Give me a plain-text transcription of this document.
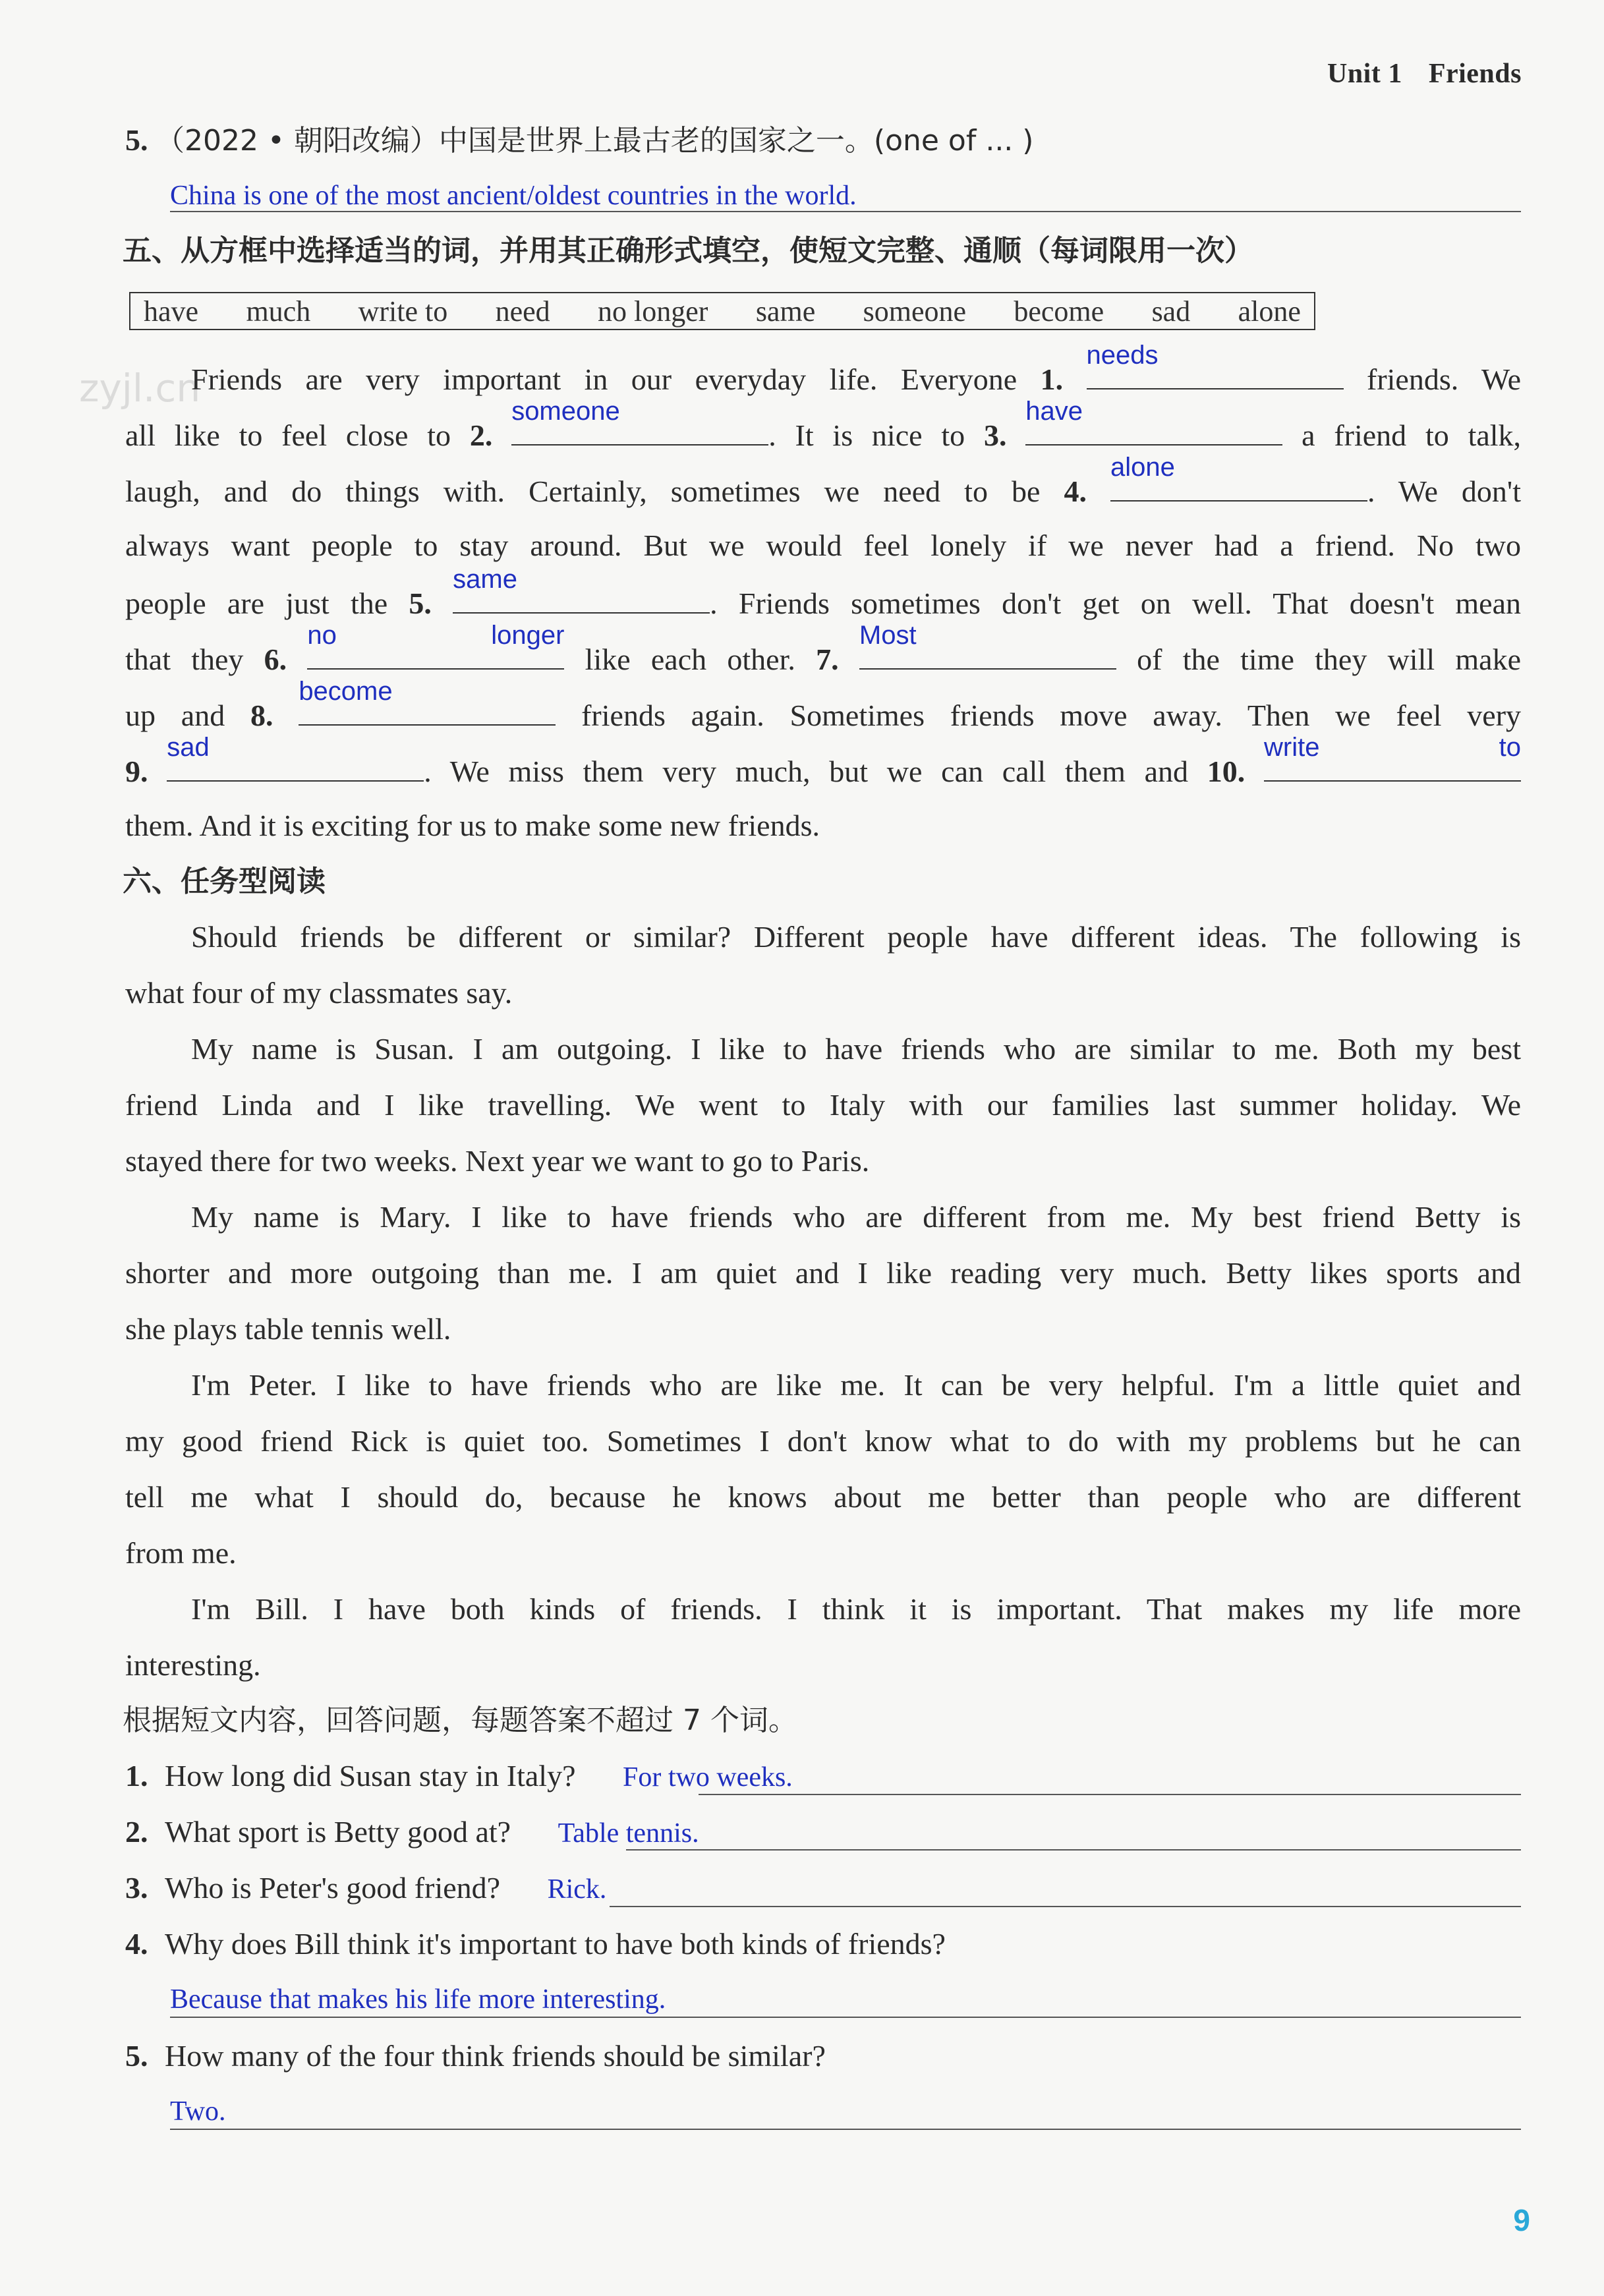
Unit 1 Friends
5. （2022 • 朝阳改编）中国是世界上最古老的国家之一。(one of ... )
China is one of the most ancient/oldest countries in the world.
五、从方框中选择适当的词，并用其正确形式填空，使短文完整、通顺（每词限用一次）
have much write to need no longer same someone become sad alone
zyjl.cn
Friends are very important in our everyday life. Everyone 1.
needs
friends. We
all like to feel close to 2.
someone
. It is nice to 3.
have
a friend to talk,
laugh, and do things with. Certainly, sometimes we need to be 4.
alone
. We don't
always want people to stay around. But we would feel lonely if we never had a friend. No two
people are just the 5.
same
. Friends sometimes don't get on well. That doesn't mean
that they 6.
no longer
like each other. 7.
Most
of the time they will make
up and 8.
become
friends again. Sometimes friends move away. Then we feel very
9.
sad
. We miss them very much, but we can call them and 10.
write to
them. And it is exciting for us to make some new friends.
六、任务型阅读
Should friends be different or similar? Different people have different ideas. The following is
what four of my classmates say.
My name is Susan. I am outgoing. I like to have friends who are similar to me. Both my best
friend Linda and I like travelling. We went to Italy with our families last summer holiday. We
stayed there for two weeks. Next year we want to go to Paris.
My name is Mary. I like to have friends who are different from me. My best friend Betty is
shorter and more outgoing than me. I am quiet and I like reading very much. Betty likes sports and
she plays table tennis well.
I'm Peter. I like to have friends who are like me. It can be very helpful. I'm a little quiet and
my good friend Rick is quiet too. Sometimes I don't know what to do with my problems but he can
tell me what I should do, because he knows about me better than people who are different
from me.
I'm Bill. I have both kinds of friends. I think it is important. That makes my life more
interesting.
根据短文内容，回答问题，每题答案不超过 7 个词。
1. How long did Susan stay in Italy? For two weeks.
2. What sport is Betty good at? Table tennis.
3. Who is Peter's good friend? Rick.
4. Why does Bill think it's important to have both kinds of friends?
Because that makes his life more interesting.
5. How many of the four think friends should be similar?
Two.
9
